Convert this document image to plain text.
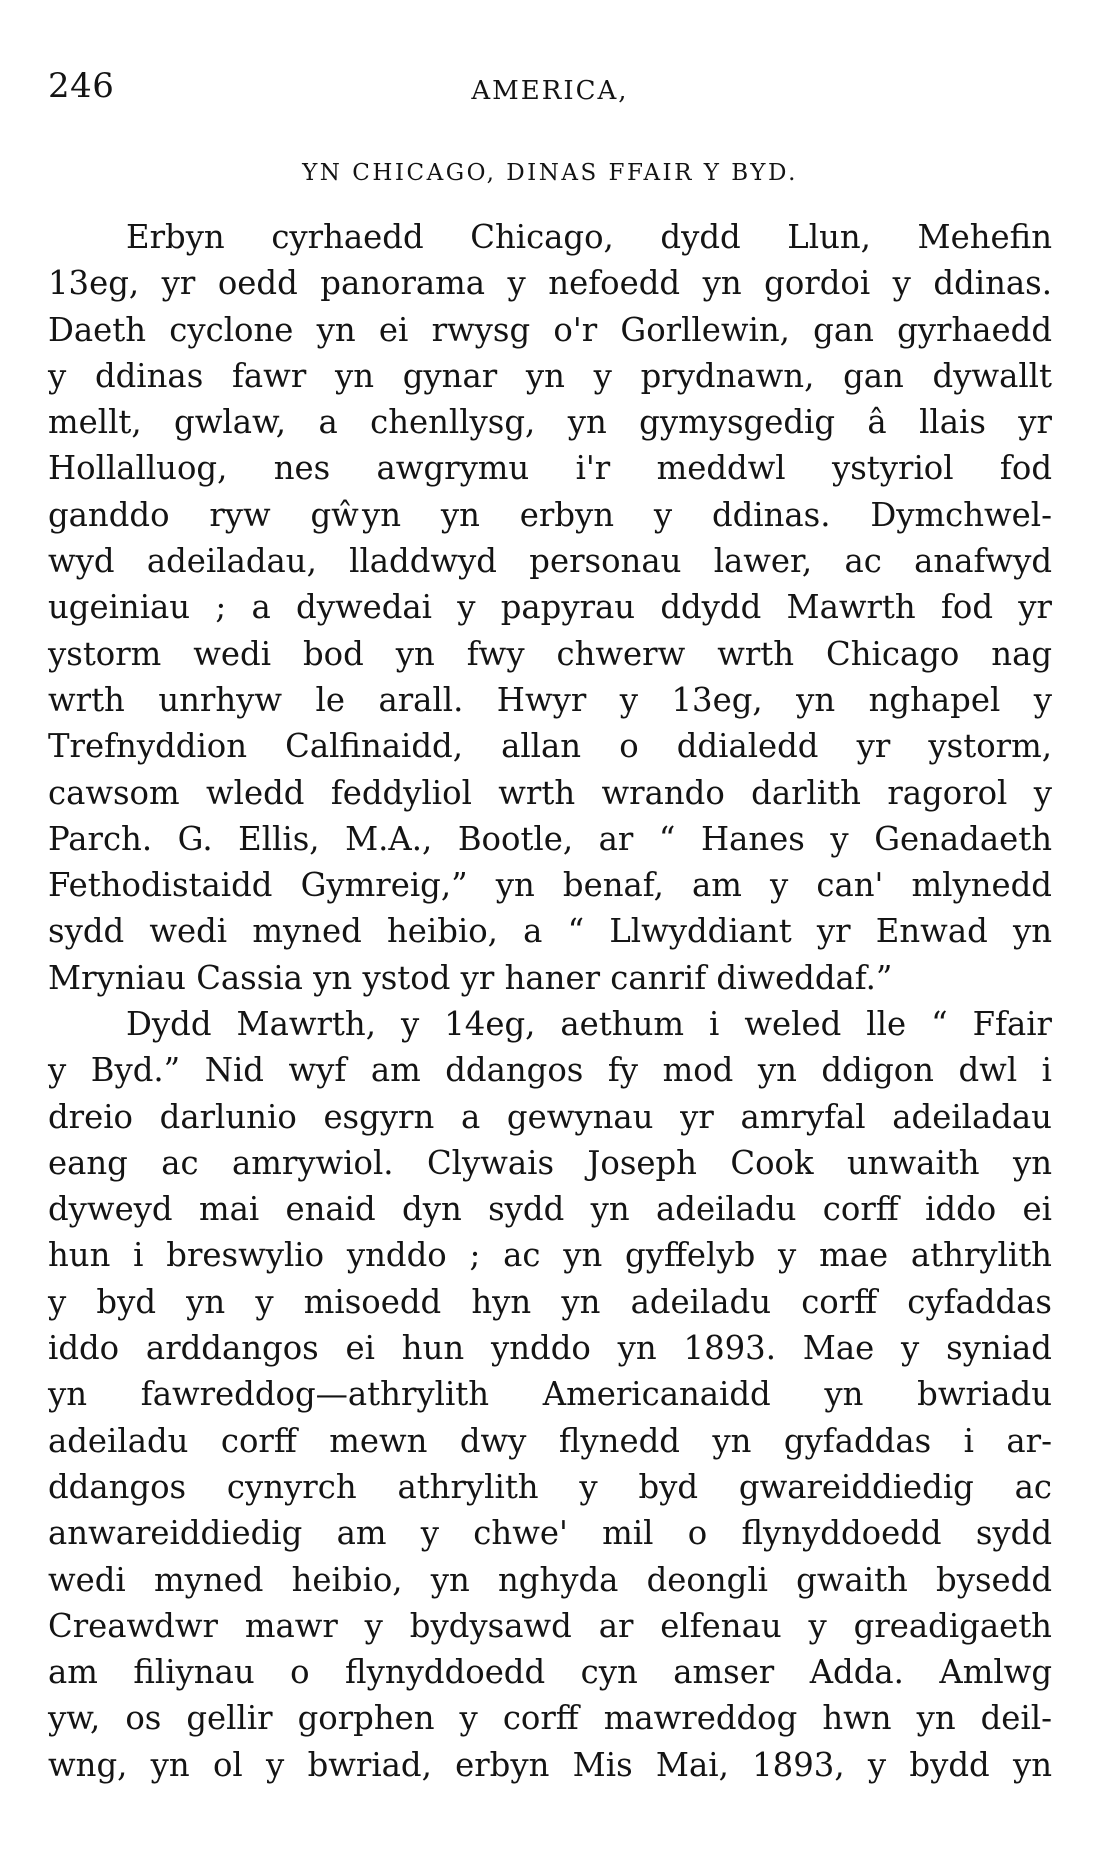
246	AMERICA,
YN CHICAGO, DINAS FFAIR Y BYD.
Erbyn cyrhaedd Chicago, dydd Llun, Mehefin
13eg, yr oedd panorama y nefoedd yn gordoi y ddinas.
Daeth cyclone yn ei rwysg o'r Gorllewin, gan gyrhaedd
y ddinas fawr yn gynar yn y prydnawn, gan dywallt
mellt, gwlaw, a chenllysg, yn gymysgedig â llais yr
Hollalluog, nes awgrymu i'r meddwl ystyriol fod
ganddo ryw gŵyn yn erbyn y ddinas. Dymchwel-
wyd adeiladau, lladdwyd personau lawer, ac anafwyd
ugeiniau ; a dywedai y papyrau ddydd Mawrth fod yr
ystorm wedi bod yn fwy chwerw wrth Chicago nag
wrth unrhyw le arall. Hwyr y 13eg, yn nghapel y
Trefnyddion Calfinaidd, allan o ddialedd yr ystorm,
cawsom wledd feddyliol wrth wrando darlith ragorol y
Parch. G. Ellis, M.A., Bootle, ar “ Hanes y Genadaeth
Fethodistaidd Gymreig,” yn benaf, am y can' mlynedd
sydd wedi myned heibio, a “ Llwyddiant yr Enwad yn
Mryniau Cassia yn ystod yr haner canrif diweddaf.”
Dydd Mawrth, y 14eg, aethum i weled lle “ Ffair
y Byd.” Nid wyf am ddangos fy mod yn ddigon dwl i
dreio darlunio esgyrn a gewynau yr amryfal adeiladau
eang ac amrywiol. Clywais Joseph Cook unwaith yn
dyweyd mai enaid dyn sydd yn adeiladu corff iddo ei
hun i breswylio ynddo ; ac yn gyffelyb y mae athrylith
y byd yn y misoedd hyn yn adeiladu corff cyfaddas
iddo arddangos ei hun ynddo yn 1893. Mae y syniad
yn fawreddog—athrylith Americanaidd yn bwriadu
adeiladu corff mewn dwy flynedd yn gyfaddas i ar-
ddangos cynyrch athrylith y byd gwareiddiedig ac
anwareiddiedig am y chwe' mil o flynyddoedd sydd
wedi myned heibio, yn nghyda deongli gwaith bysedd
Creawdwr mawr y bydysawd ar elfenau y greadigaeth
am filiynau o flynyddoedd cyn amser Adda. Amlwg
yw, os gellir gorphen y corff mawreddog hwn yn deil-
wng, yn ol y bwriad, erbyn Mis Mai, 1893, y bydd yn
